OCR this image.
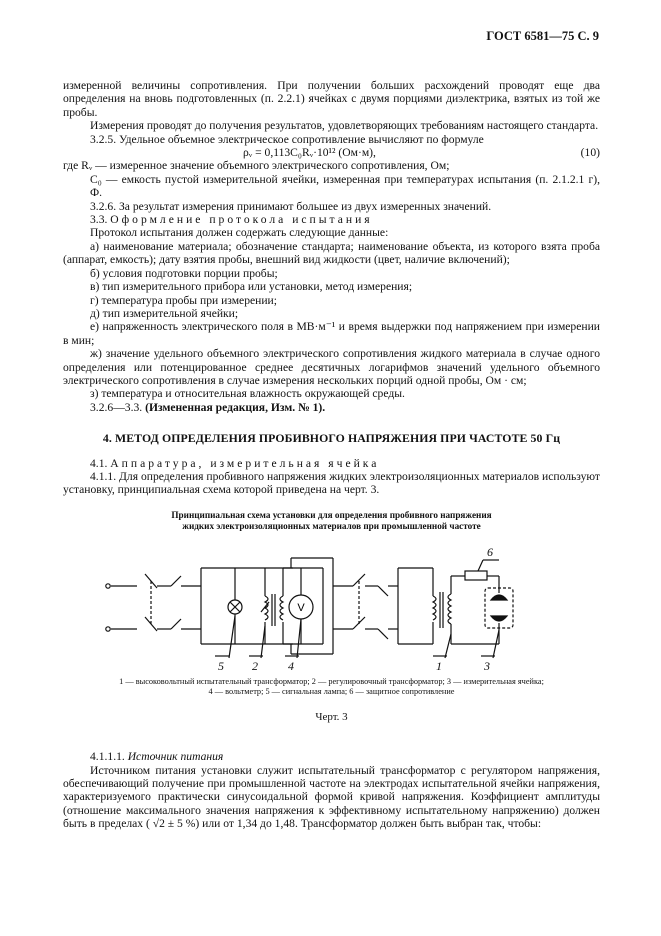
ГОСТ 6581—75 С. 9

измеренной величины сопротивления. При получении больших расхождений проводят еще два определения на вновь подготовленных (п. 2.2.1) ячейках с двумя порциями диэлектрика, взятых из той же пробы.

Измерения проводят до получения результатов, удовлетворяющих требованиям настоящего стандарта.

3.2.5. Удельное объемное электрическое сопротивление вычисляют по формуле

ρᵥ = 0,113C₀Rᵥ·10¹² (Ом·м),	(10)

где Rᵥ — измеренное значение объемного электрического сопротивления, Ом;

C₀ — емкость пустой измерительной ячейки, измеренная при температурах испытания (п. 2.1.2.1 г), Ф.

3.2.6. За результат измерения принимают большее из двух измеренных значений.

3.3. Оформление протокола испытания

Протокол испытания должен содержать следующие данные:

а) наименование материала; обозначение стандарта; наименование объекта, из которого взята проба (аппарат, емкость); дату взятия пробы, внешний вид жидкости (цвет, наличие включений);

б) условия подготовки порции пробы;

в) тип измерительного прибора или установки, метод измерения;

г) температура пробы при измерении;

д) тип измерительной ячейки;

е) напряженность электрического поля в МВ·м⁻¹ и время выдержки под напряжением при измерении в мин;

ж) значение удельного объемного электрического сопротивления жидкого материала в случае одного определения или потенцированное среднее десятичных логарифмов значений удельного объемного электрического сопротивления в случае измерения нескольких порций одной пробы, Ом · см;

з) температура и относительная влажность окружающей среды.

3.2.6—3.3. (Измененная редакция, Изм. № 1).

4. МЕТОД ОПРЕДЕЛЕНИЯ ПРОБИВНОГО НАПРЯЖЕНИЯ ПРИ ЧАСТОТЕ 50 Гц

4.1. Аппаратура, измерительная ячейка

4.1.1. Для определения пробивного напряжения жидких электроизоляционных материалов используют установку, принципиальная схема которой приведена на черт. 3.

Принципиальная схема установки для определения пробивного напряжения
жидких электроизоляционных материалов при промышленной частоте
V
5 2	4	1	3
6
1 — высоковольтный испытательный трансформатор; 2 — регулировочный трансформатор; 3 — измерительная ячейка;
4 — вольтметр; 5 — сигнальная лампа; 6 — защитное сопротивление
Черт. 3

4.1.1.1. Источник питания

Источником питания установки служит испытательный трансформатор с регулятором напряжения, обеспечивающий получение при промышленной частоте на электродах испытательной ячейки напряжения, характеризуемого практически синусоидальной формой кривой напряжения. Коэффициент амплитуды (отношение максимального значения напряжения к эффективному испытательному напряжению) должен быть в пределах ( √2 ± 5 %) или от 1,34 до 1,48. Трансформатор должен быть выбран так, чтобы:
